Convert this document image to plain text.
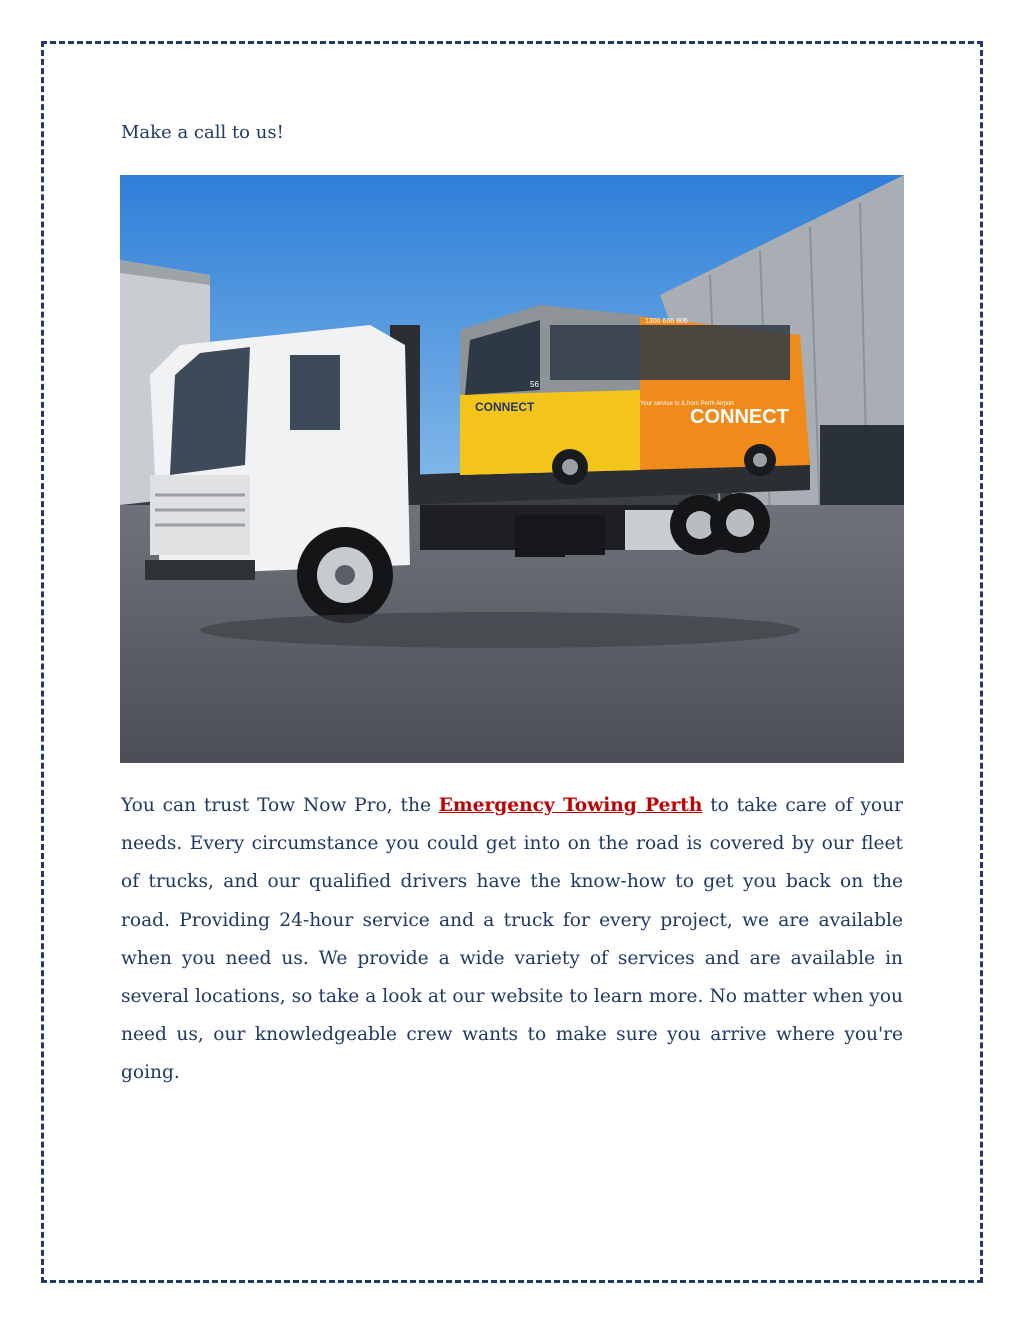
Make a call to us!

CONNECT	CONNECT
Your service to & from Perth Airport
56
1300 666 806

You can trust Tow Now Pro, the Emergency Towing Perth to take care of your needs. Every circumstance you could get into on the road is covered by our fleet of trucks, and our qualified drivers have the know-how to get you back on the road. Providing 24-hour service and a truck for every project, we are available when you need us. We provide a wide variety of services and are available in several locations, so take a look at our website to learn more. No matter when you need us, our knowledgeable crew wants to make sure you arrive where you're going.
